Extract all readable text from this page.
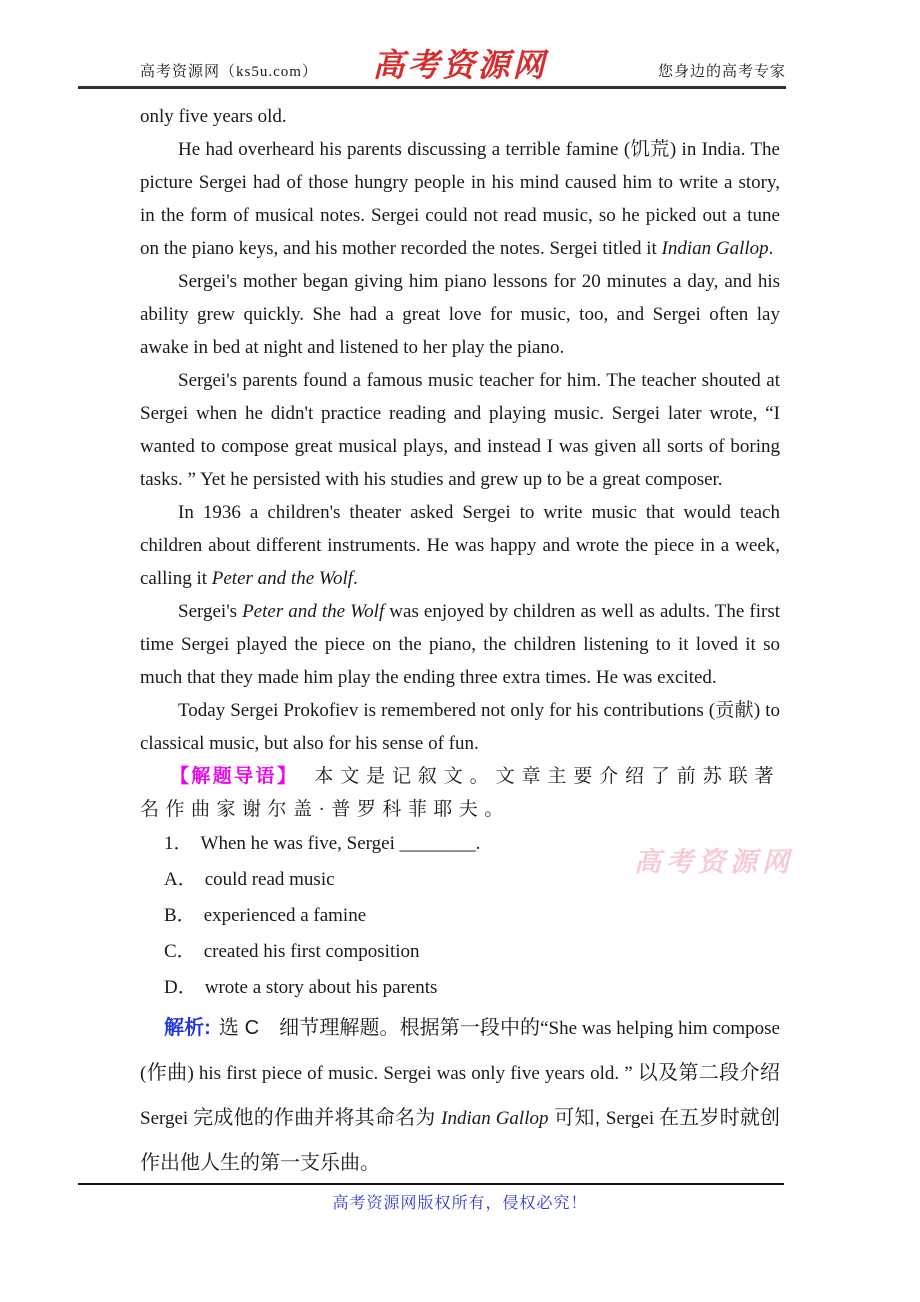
高考资源网（ks5u.com） 高考资源网	您身边的高考专家

only five years old.

He had overheard his parents discussing a terrible famine (饥荒) in India. The picture Sergei had of those hungry people in his mind caused him to write a story, in the form of musical notes. Sergei could not read music, so he picked out a tune on the piano keys, and his mother recorded the notes. Sergei titled it Indian Gallop.

Sergei's mother began giving him piano lessons for 20 minutes a day, and his ability grew quickly. She had a great love for music, too, and Sergei often lay awake in bed at night and listened to her play the piano.

Sergei's parents found a famous music teacher for him. The teacher shouted at Sergei when he didn't practice reading and playing music. Sergei later wrote, “I wanted to compose great musical plays, and instead I was given all sorts of boring tasks. ” Yet he persisted with his studies and grew up to be a great composer.

In 1936 a children's theater asked Sergei to write music that would teach children about different instruments. He was happy and wrote the piece in a week, calling it Peter and the Wolf.

Sergei's Peter and the Wolf was enjoyed by children as well as adults. The first time Sergei played the piece on the piano, the children listening to it loved it so much that they made him play the ending three extra times. He was excited.

Today Sergei Prokofiev is remembered not only for his contributions (贡献) to classical music, but also for his sense of fun.

【解题导语】 本文是记叙文。文章主要介绍了前苏联著名作曲家谢尔盖·普罗科菲耶夫。

1． When he was five, Sergei ________.

A． could read music

B． experienced a famine

C． created his first composition

D． wrote a story about his parents

解析: 选 C　细节理解题。根据第一段中的“She was helping him compose (作曲) his first piece of music. Sergei was only five years old. ” 以及第二段介绍 Sergei 完成他的作曲并将其命名为 Indian Gallop 可知, Sergei 在五岁时就创作出他人生的第一支乐曲。

高考资源网
高考资源网版权所有，侵权必究！
